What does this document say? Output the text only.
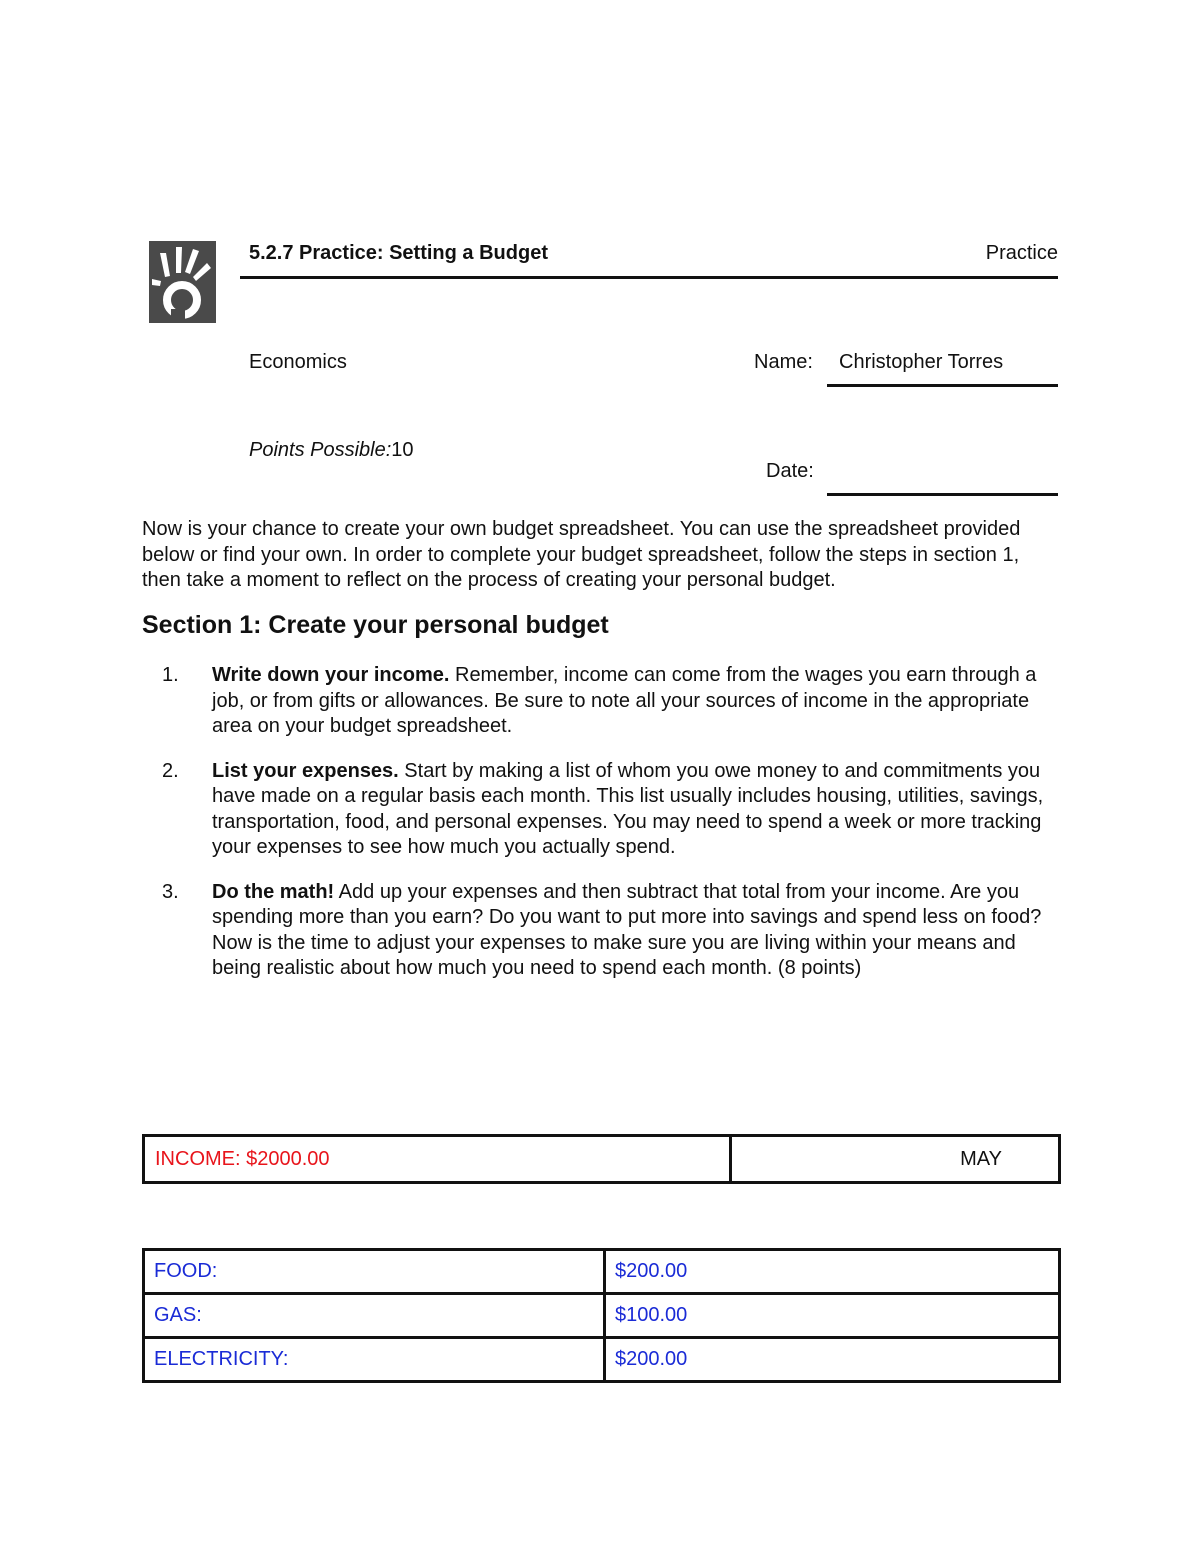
5.2.7 Practice: Setting a Budget	Practice
Economics	Name: Christopher Torres
Points Possible:10
Date:
Now is your chance to create your own budget spreadsheet. You can use the spreadsheet provided below or find your own. In order to complete your budget spreadsheet, follow the steps in section 1, then take a moment to reflect on the process of creating your personal budget.
Section 1: Create your personal budget
1. Write down your income. Remember, income can come from the wages you earn through a job, or from gifts or allowances. Be sure to note all your sources of income in the appropriate area on your budget spreadsheet.
2. List your expenses. Start by making a list of whom you owe money to and commitments you have made on a regular basis each month. This list usually includes housing, utilities, savings, transportation, food, and personal expenses. You may need to spend a week or more tracking your expenses to see how much you actually spend.
3. Do the math! Add up your expenses and then subtract that total from your income. Are you spending more than you earn? Do you want to put more into savings and spend less on food? Now is the time to adjust your expenses to make sure you are living within your means and being realistic about how much you need to spend each month. (8 points)
INCOME: $2000.00	MAY
FOOD:	$200.00
GAS:	$100.00
ELECTRICITY:	$200.00
